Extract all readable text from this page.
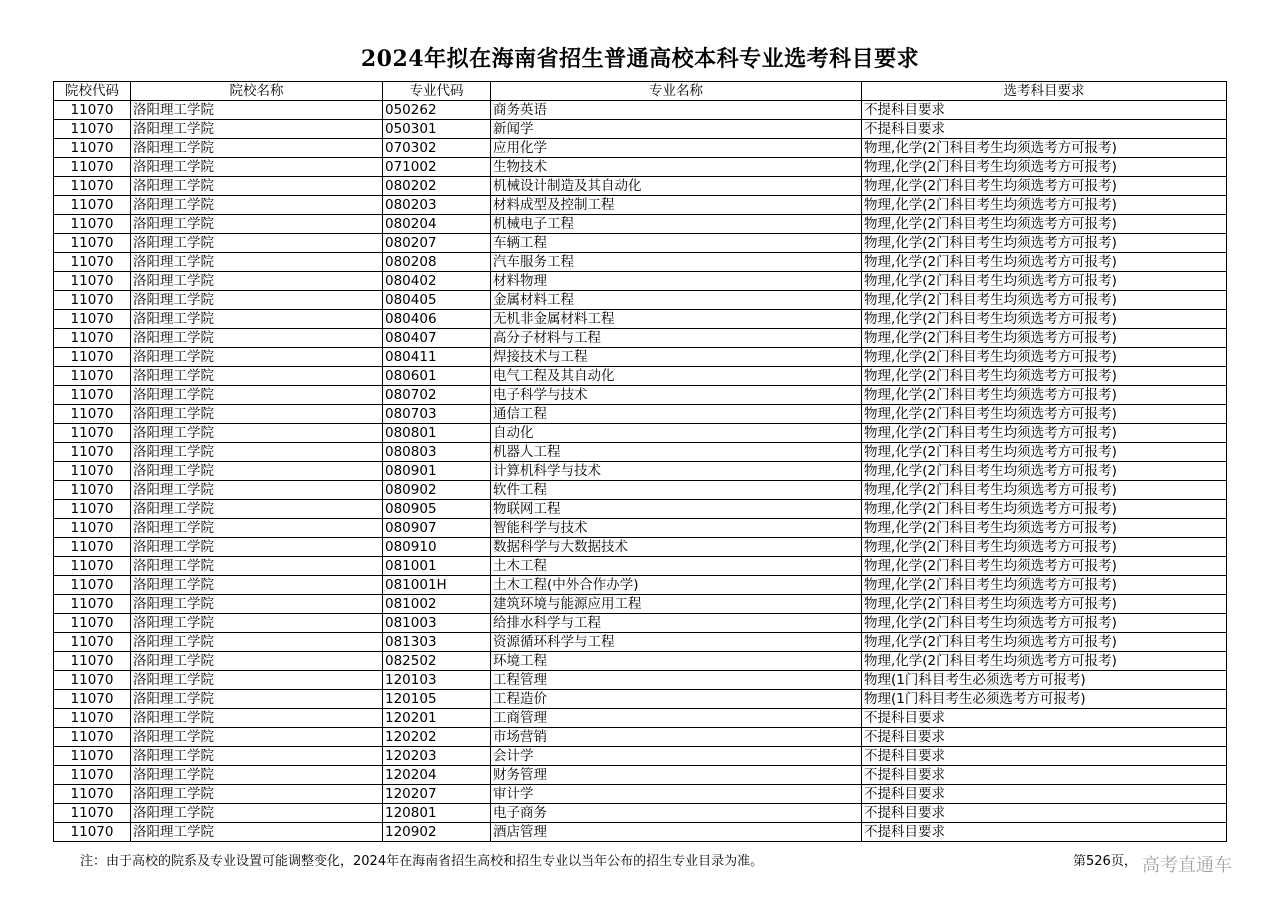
2024年拟在海南省招生普通高校本科专业选考科目要求
院校代码	院校名称	专业代码	专业名称	选考科目要求
11070	洛阳理工学院	050262	商务英语	不提科目要求
11070	洛阳理工学院	050301	新闻学	不提科目要求
11070	洛阳理工学院	070302	应用化学	物理,化学(2门科目考生均须选考方可报考)
11070	洛阳理工学院	071002	生物技术	物理,化学(2门科目考生均须选考方可报考)
11070	洛阳理工学院	080202	机械设计制造及其自动化	物理,化学(2门科目考生均须选考方可报考)
11070	洛阳理工学院	080203	材料成型及控制工程	物理,化学(2门科目考生均须选考方可报考)
11070	洛阳理工学院	080204	机械电子工程	物理,化学(2门科目考生均须选考方可报考)
11070	洛阳理工学院	080207	车辆工程	物理,化学(2门科目考生均须选考方可报考)
11070	洛阳理工学院	080208	汽车服务工程	物理,化学(2门科目考生均须选考方可报考)
11070	洛阳理工学院	080402	材料物理	物理,化学(2门科目考生均须选考方可报考)
11070	洛阳理工学院	080405	金属材料工程	物理,化学(2门科目考生均须选考方可报考)
11070	洛阳理工学院	080406	无机非金属材料工程	物理,化学(2门科目考生均须选考方可报考)
11070	洛阳理工学院	080407	高分子材料与工程	物理,化学(2门科目考生均须选考方可报考)
11070	洛阳理工学院	080411	焊接技术与工程	物理,化学(2门科目考生均须选考方可报考)
11070	洛阳理工学院	080601	电气工程及其自动化	物理,化学(2门科目考生均须选考方可报考)
11070	洛阳理工学院	080702	电子科学与技术	物理,化学(2门科目考生均须选考方可报考)
11070	洛阳理工学院	080703	通信工程	物理,化学(2门科目考生均须选考方可报考)
11070	洛阳理工学院	080801	自动化	物理,化学(2门科目考生均须选考方可报考)
11070	洛阳理工学院	080803	机器人工程	物理,化学(2门科目考生均须选考方可报考)
11070	洛阳理工学院	080901	计算机科学与技术	物理,化学(2门科目考生均须选考方可报考)
11070	洛阳理工学院	080902	软件工程	物理,化学(2门科目考生均须选考方可报考)
11070	洛阳理工学院	080905	物联网工程	物理,化学(2门科目考生均须选考方可报考)
11070	洛阳理工学院	080907	智能科学与技术	物理,化学(2门科目考生均须选考方可报考)
11070	洛阳理工学院	080910	数据科学与大数据技术	物理,化学(2门科目考生均须选考方可报考)
11070	洛阳理工学院	081001	土木工程	物理,化学(2门科目考生均须选考方可报考)
11070	洛阳理工学院	081001H	土木工程(中外合作办学)	物理,化学(2门科目考生均须选考方可报考)
11070	洛阳理工学院	081002	建筑环境与能源应用工程	物理,化学(2门科目考生均须选考方可报考)
11070	洛阳理工学院	081003	给排水科学与工程	物理,化学(2门科目考生均须选考方可报考)
11070	洛阳理工学院	081303	资源循环科学与工程	物理,化学(2门科目考生均须选考方可报考)
11070	洛阳理工学院	082502	环境工程	物理,化学(2门科目考生均须选考方可报考)
11070	洛阳理工学院	120103	工程管理	物理(1门科目考生必须选考方可报考)
11070	洛阳理工学院	120105	工程造价	物理(1门科目考生必须选考方可报考)
11070	洛阳理工学院	120201	工商管理	不提科目要求
11070	洛阳理工学院	120202	市场营销	不提科目要求
11070	洛阳理工学院	120203	会计学	不提科目要求
11070	洛阳理工学院	120204	财务管理	不提科目要求
11070	洛阳理工学院	120207	审计学	不提科目要求
11070	洛阳理工学院	120801	电子商务	不提科目要求
11070	洛阳理工学院	120902	酒店管理	不提科目要求
注：由于高校的院系及专业设置可能调整变化，2024年在海南省招生高校和招生专业以当年公布的招生专业目录为准。	第526页， 高考直通车
